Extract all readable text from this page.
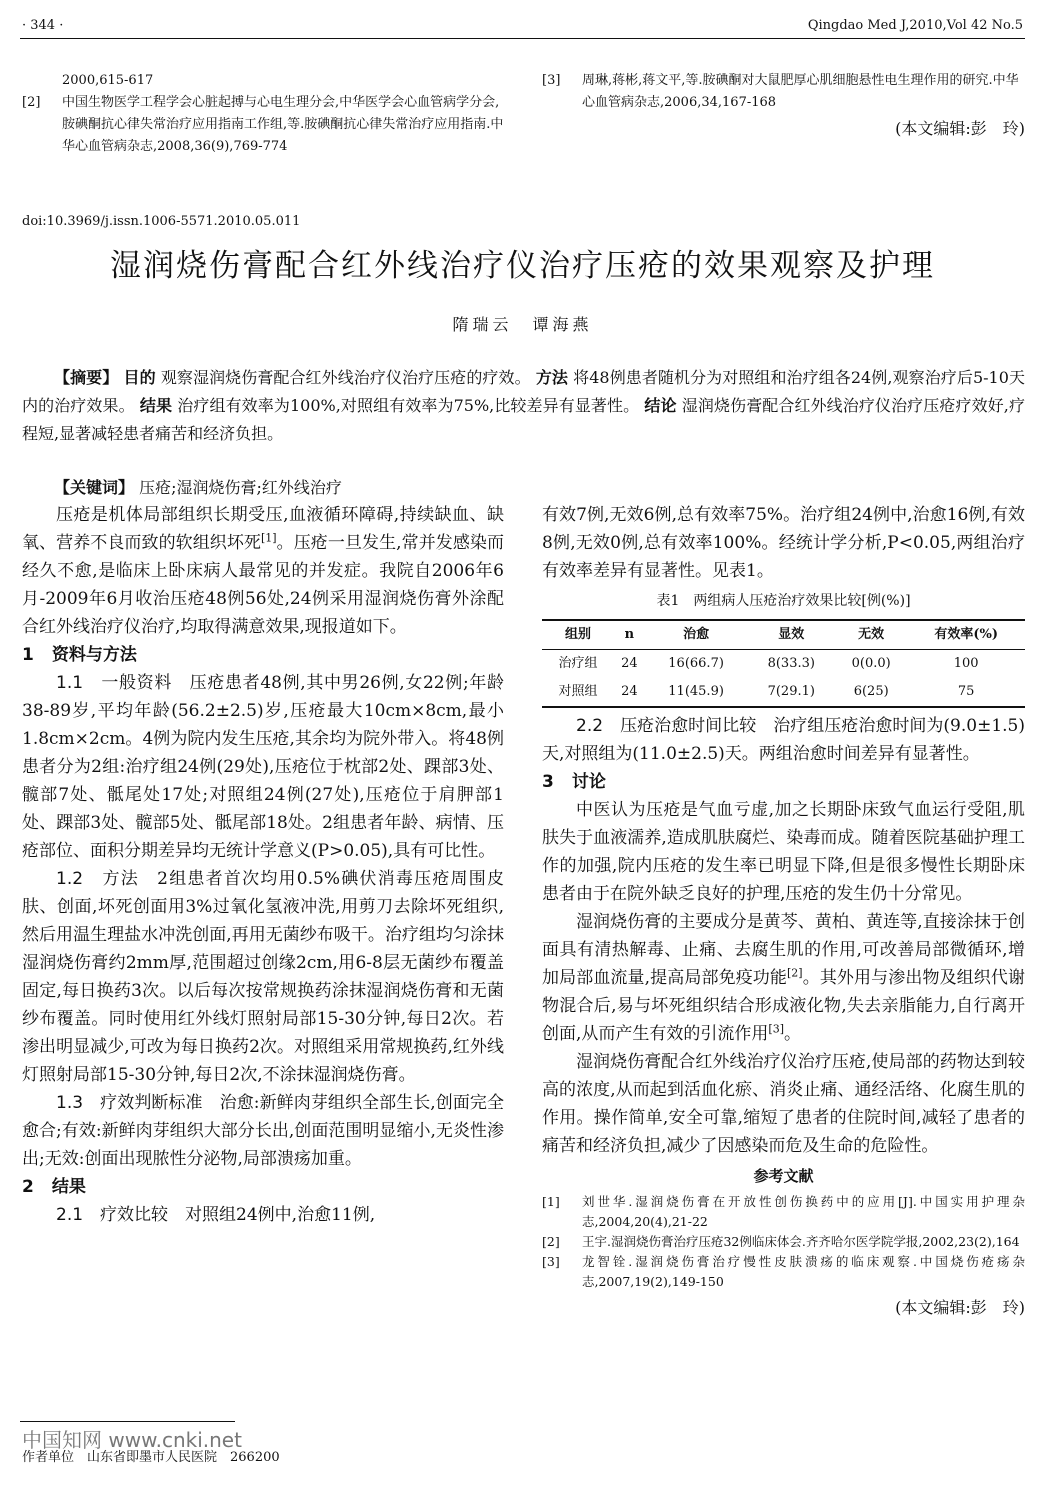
· 344 ·	Qingdao Med J,2010,Vol 42 No.5
2000,615-617
[2]	中国生物医学工程学会心脏起搏与心电生理分会,中华医学会心血管病学分会,胺碘酮抗心律失常治疗应用指南工作组,等.胺碘酮抗心律失常治疗应用指南.中华心血管病杂志,2008,36(9),769-774
[3]	周琳,蒋彬,蒋文平,等.胺碘酮对大鼠肥厚心肌细胞悬性电生理作用的研究.中华心血管病杂志,2006,34,167-168
(本文编辑:彭　玲)
doi:10.3969/j.issn.1006-5571.2010.05.011
湿润烧伤膏配合红外线治疗仪治疗压疮的效果观察及护理
隋瑞云　谭海燕
【摘要】 目的 观察湿润烧伤膏配合红外线治疗仪治疗压疮的疗效。 方法 将48例患者随机分为对照组和治疗组各24例,观察治疗后5-10天内的治疗效果。 结果 治疗组有效率为100%,对照组有效率为75%,比较差异有显著性。 结论 湿润烧伤膏配合红外线治疗仪治疗压疮疗效好,疗程短,显著减轻患者痛苦和经济负担。
【关键词】 压疮;湿润烧伤膏;红外线治疗

压疮是机体局部组织长期受压,血液循环障碍,持续缺血、缺氧、营养不良而致的软组织坏死[1]。压疮一旦发生,常并发感染而经久不愈,是临床上卧床病人最常见的并发症。我院自2006年6月-2009年6月收治压疮48例56处,24例采用湿润烧伤膏外涂配合红外线治疗仪治疗,均取得满意效果,现报道如下。

1 资料与方法

1.1　一般资料　 压疮患者48例,其中男26例,女22例;年龄38-89岁,平均年龄(56.2±2.5)岁,压疮最大10cm×8cm,最小1.8cm×2cm。4例为院内发生压疮,其余均为院外带入。将48例患者分为2组:治疗组24例(29处),压疮位于枕部2处、踝部3处、髋部7处、骶尾处17处;对照组24例(27处),压疮位于肩胛部1处、踝部3处、髋部5处、骶尾部18处。2组患者年龄、病情、压疮部位、面积分期差异均无统计学意义(P>0.05),具有可比性。

1.2　方法　 2组患者首次均用0.5%碘伏消毒压疮周围皮肤、创面,坏死创面用3%过氧化氢液冲洗,用剪刀去除坏死组织,然后用温生理盐水冲洗创面,再用无菌纱布吸干。治疗组均匀涂抹湿润烧伤膏约2mm厚,范围超过创缘2cm,用6-8层无菌纱布覆盖固定,每日换药3次。以后每次按常规换药涂抹湿润烧伤膏和无菌纱布覆盖。同时使用红外线灯照射局部15-30分钟,每日2次。若渗出明显减少,可改为每日换药2次。对照组采用常规换药,红外线灯照射局部15-30分钟,每日2次,不涂抹湿润烧伤膏。

1.3　疗效判断标准　 治愈:新鲜肉芽组织全部生长,创面完全愈合;有效:新鲜肉芽组织大部分长出,创面范围明显缩小,无炎性渗出;无效:创面出现脓性分泌物,局部溃疡加重。

2 结果

2.1　疗效比较　 对照组24例中,治愈11例,

有效7例,无效6例,总有效率75%。治疗组24例中,治愈16例,有效8例,无效0例,总有效率100%。经统计学分析,P<0.05,两组治疗有效率差异有显著性。见表1。

表1　两组病人压疮治疗效果比较[例(%)]
组别	n	治愈	显效	无效	有效率(%)
治疗组	24	16(66.7)	8(33.3)	0(0.0)	100
对照组	24	11(45.9)	7(29.1)	6(25)	75

2.2　压疮治愈时间比较　 治疗组压疮治愈时间为(9.0±1.5)天,对照组为(11.0±2.5)天。两组治愈时间差异有显著性。

3 讨论

中医认为压疮是气血亏虚,加之长期卧床致气血运行受阻,肌肤失于血液濡养,造成肌肤腐烂、染毒而成。随着医院基础护理工作的加强,院内压疮的发生率已明显下降,但是很多慢性长期卧床患者由于在院外缺乏良好的护理,压疮的发生仍十分常见。

湿润烧伤膏的主要成分是黄芩、黄柏、黄连等,直接涂抹于创面具有清热解毒、止痛、去腐生肌的作用,可改善局部微循环,增加局部血流量,提高局部免疫功能[2]。其外用与渗出物及组织代谢物混合后,易与坏死组织结合形成液化物,失去亲脂能力,自行离开创面,从而产生有效的引流作用[3]。

湿润烧伤膏配合红外线治疗仪治疗压疮,使局部的药物达到较高的浓度,从而起到活血化瘀、消炎止痛、通经活络、化腐生肌的作用。操作简单,安全可靠,缩短了患者的住院时间,减轻了患者的痛苦和经济负担,减少了因感染而危及生命的危险性。

参考文献
[1]	刘世华.湿润烧伤膏在开放性创伤换药中的应用[J].中国实用护理杂志,2004,20(4),21-22
[2]	王宇.湿润烧伤膏治疗压疮32例临床体会.齐齐哈尔医学院学报,2002,23(2),164
[3]	龙智铨.湿润烧伤膏治疗慢性皮肤溃疡的临床观察.中国烧伤疮疡杂志,2007,19(2),149-150
(本文编辑:彭　玲)
中国知网 www.cnki.net
作者单位　山东省即墨市人民医院　266200
